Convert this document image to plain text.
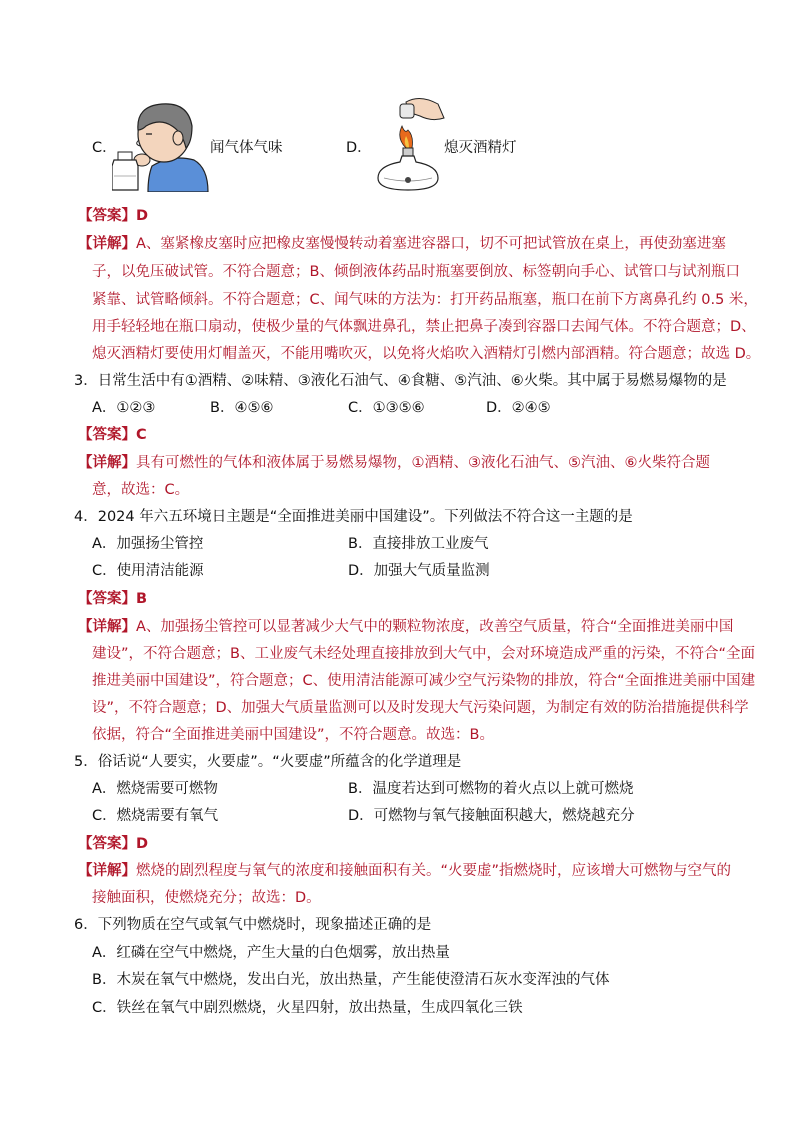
C．	闻气体气味	D．	熄灭酒精灯
【答案】D
【详解】A、塞紧橡皮塞时应把橡皮塞慢慢转动着塞进容器口，切不可把试管放在桌上，再使劲塞进塞
子，以免压破试管。不符合题意；B、倾倒液体药品时瓶塞要倒放、标签朝向手心、试管口与试剂瓶口
紧靠、试管略倾斜。不符合题意；C、闻气味的方法为：打开药品瓶塞，瓶口在前下方离鼻孔约 0.5 米，
用手轻轻地在瓶口扇动，使极少量的气体飘进鼻孔，禁止把鼻子凑到容器口去闻气体。不符合题意；D、
熄灭酒精灯要使用灯帽盖灭，不能用嘴吹灭，以免将火焰吹入酒精灯引燃内部酒精。符合题意；故选 D。
3．日常生活中有①酒精、②味精、③液化石油气、④食糖、⑤汽油、⑥火柴。其中属于易燃易爆物的是
A．①②③	B．④⑤⑥	C．①③⑤⑥	D．②④⑤
【答案】C
【详解】具有可燃性的气体和液体属于易燃易爆物，①酒精、③液化石油气、⑤汽油、⑥火柴符合题
意，故选：C。
4．2024 年六五环境日主题是“全面推进美丽中国建设”。下列做法不符合这一主题的是
A．加强扬尘管控	B．直接排放工业废气
C．使用清洁能源	D．加强大气质量监测
【答案】B
【详解】A、加强扬尘管控可以显著减少大气中的颗粒物浓度，改善空气质量，符合“全面推进美丽中国
建设”，不符合题意；B、工业废气未经处理直接排放到大气中，会对环境造成严重的污染，不符合“全面
推进美丽中国建设”，符合题意；C、使用清洁能源可减少空气污染物的排放，符合“全面推进美丽中国建
设”，不符合题意；D、加强大气质量监测可以及时发现大气污染问题，为制定有效的防治措施提供科学
依据，符合“全面推进美丽中国建设”，不符合题意。故选：B。
5．俗话说“人要实，火要虚”。“火要虚”所蕴含的化学道理是
A．燃烧需要可燃物	B．温度若达到可燃物的着火点以上就可燃烧
C．燃烧需要有氧气	D．可燃物与氧气接触面积越大，燃烧越充分
【答案】D
【详解】燃烧的剧烈程度与氧气的浓度和接触面积有关。“火要虚”指燃烧时，应该增大可燃物与空气的
接触面积，使燃烧充分；故选：D。
6．下列物质在空气或氧气中燃烧时，现象描述正确的是
A．红磷在空气中燃烧，产生大量的白色烟雾，放出热量
B．木炭在氧气中燃烧，发出白光，放出热量，产生能使澄清石灰水变浑浊的气体
C．铁丝在氧气中剧烈燃烧，火星四射，放出热量，生成四氧化三铁
